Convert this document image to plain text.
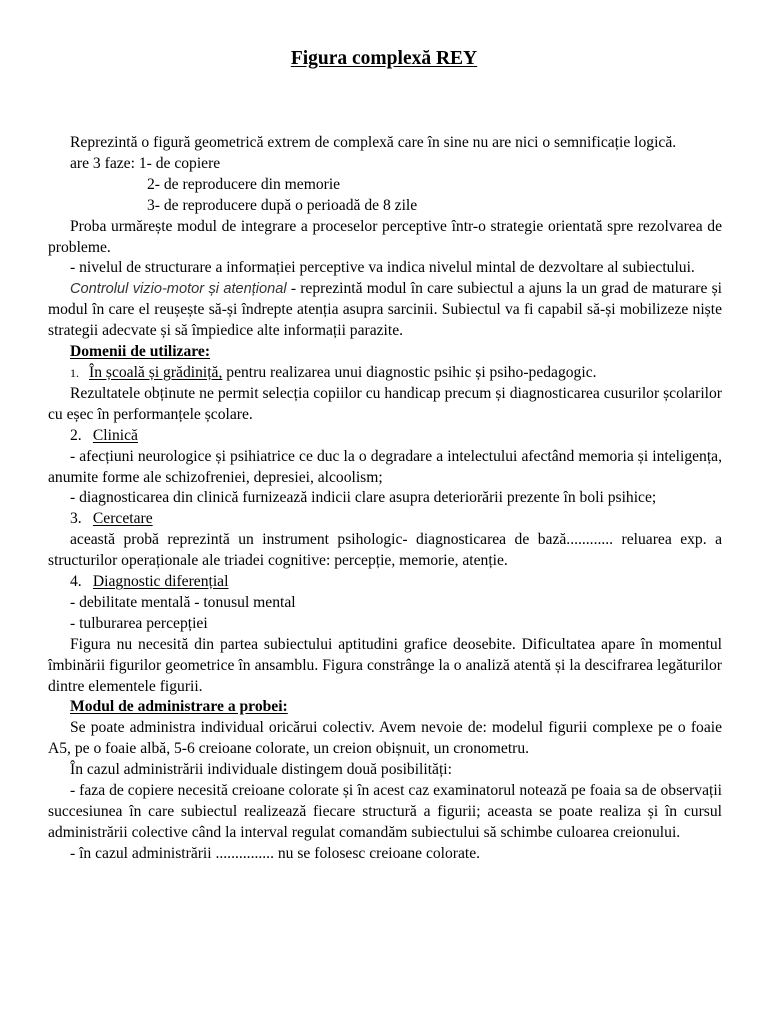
Figura complexă REY

Reprezintă o figură geometrică extrem de complexă care în sine nu are nici o semnificație logică.

are 3 faze: 1- de copiere

2- de reproducere din memorie

3- de reproducere după o perioadă de 8 zile

Proba urmărește modul de integrare a proceselor perceptive într-o strategie orientată spre rezolvarea de probleme.

- nivelul de structurare a informației perceptive va indica nivelul mintal de dezvoltare al subiectului.

Controlul vizio-motor și atențional - reprezintă modul în care subiectul a ajuns la un grad de maturare și modul în care el reușește să-și îndrepte atenția asupra sarcinii. Subiectul va fi capabil să-și mobilizeze niște strategii adecvate și să împiedice alte informații parazite.

Domenii de utilizare:

1. În școală și grădiniță, pentru realizarea unui diagnostic psihic și psiho-pedagogic.

Rezultatele obținute ne permit selecția copiilor cu handicap precum și diagnosticarea cusurilor școlarilor cu eșec în performanțele școlare.

2. Clinică

- afecțiuni neurologice și psihiatrice ce duc la o degradare a intelectului afectând memoria și inteligența, anumite forme ale schizofreniei, depresiei, alcoolism;

- diagnosticarea din clinică furnizează indicii clare asupra deteriorării prezente în boli psihice;

3. Cercetare

această probă reprezintă un instrument psihologic- diagnosticarea de bază............ reluarea exp. a structurilor operaționale ale triadei cognitive: percepție, memorie, atenție.

4. Diagnostic diferențial

- debilitate mentală - tonusul mental

- tulburarea percepției

Figura nu necesită din partea subiectului aptitudini grafice deosebite. Dificultatea apare în momentul îmbinării figurilor geometrice în ansamblu. Figura constrânge la o analiză atentă și la descifrarea legăturilor dintre elementele figurii.

Modul de administrare a probei:

Se poate administra individual oricărui colectiv. Avem nevoie de: modelul figurii complexe pe o foaie A5, pe o foaie albă, 5-6 creioane colorate, un creion obișnuit, un cronometru.

În cazul administrării individuale distingem două posibilități:

- faza de copiere necesită creioane colorate și în acest caz examinatorul notează pe foaia sa de observații succesiunea în care subiectul realizează fiecare structură a figurii; aceasta se poate realiza și în cursul administrării colective când la interval regulat comandăm subiectului să schimbe culoarea creionului.

- în cazul administrării ............... nu se folosesc creioane colorate.
